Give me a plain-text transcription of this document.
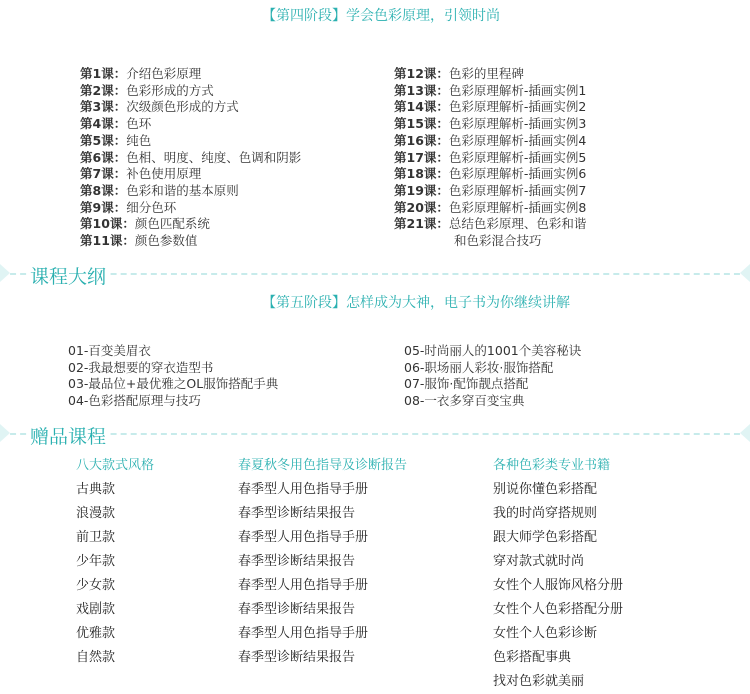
【第四阶段】学会色彩原理，引领时尚
第1课：介绍色彩原理
第2课：色彩形成的方式
第3课：次级颜色形成的方式
第4课：色环
第5课：纯色
第6课：色相、明度、纯度、色调和阴影
第7课：补色使用原理
第8课：色彩和谐的基本原则
第9课：细分色环
第10课：颜色匹配系统
第11课：颜色参数值
第12课：色彩的里程碑
第13课：色彩原理解析-插画实例1
第14课：色彩原理解析-插画实例2
第15课：色彩原理解析-插画实例3
第16课：色彩原理解析-插画实例4
第17课：色彩原理解析-插画实例5
第18课：色彩原理解析-插画实例6
第19课：色彩原理解析-插画实例7
第20课：色彩原理解析-插画实例8
第21课：总结色彩原理、色彩和谐
和色彩混合技巧
课程大纲
【第五阶段】怎样成为大神，电子书为你继续讲解
01-百变美眉衣
02-我最想要的穿衣造型书
03-最品位+最优雅之OL服饰搭配手典
04-色彩搭配原理与技巧
05-时尚丽人的1001个美容秘诀
06-职场丽人彩妆·服饰搭配
07-服饰·配饰靓点搭配
08-一衣多穿百变宝典
赠品课程
八大款式风格
古典款
浪漫款
前卫款
少年款
少女款
戏剧款
优雅款
自然款
春夏秋冬用色指导及诊断报告
春季型人用色指导手册
春季型诊断结果报告
春季型人用色指导手册
春季型诊断结果报告
春季型人用色指导手册
春季型诊断结果报告
春季型人用色指导手册
春季型诊断结果报告
各种色彩类专业书籍
别说你懂色彩搭配
我的时尚穿搭规则
跟大师学色彩搭配
穿对款式就时尚
女性个人服饰风格分册
女性个人色彩搭配分册
女性个人色彩诊断
色彩搭配事典
找对色彩就美丽
